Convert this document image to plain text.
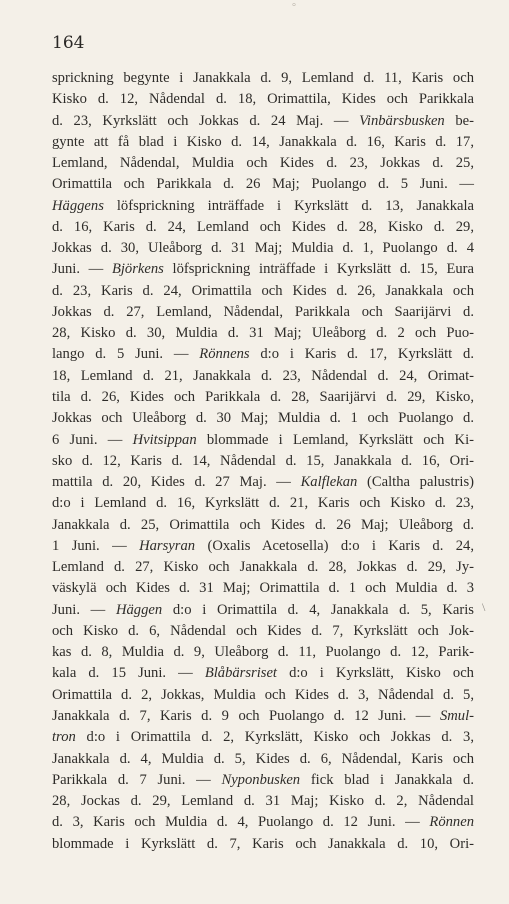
°
164
sprickning begynte i Janakkala d. 9, Lemland d. 11, Karis och
Kisko d. 12, Nådendal d. 18, Orimattila, Kides och Parikkala
d. 23, Kyrkslätt och Jokkas d. 24 Maj. — Vinbärsbusken be-
gynte att få blad i Kisko d. 14, Janakkala d. 16, Karis d. 17,
Lemland, Nådendal, Muldia och Kides d. 23, Jokkas d. 25,
Orimattila och Parikkala d. 26 Maj; Puolango d. 5 Juni. —
Häggens löfsprickning inträffade i Kyrkslätt d. 13, Janakkala
d. 16, Karis d. 24, Lemland och Kides d. 28, Kisko d. 29,
Jokkas d. 30, Uleåborg d. 31 Maj; Muldia d. 1, Puolango d. 4
Juni. — Björkens löfsprickning inträffade i Kyrkslätt d. 15, Eura
d. 23, Karis d. 24, Orimattila och Kides d. 26, Janakkala och
Jokkas d. 27, Lemland, Nådendal, Parikkala och Saarijärvi d.
28, Kisko d. 30, Muldia d. 31 Maj; Uleåborg d. 2 och Puo-
lango d. 5 Juni. — Rönnens d:o i Karis d. 17, Kyrkslätt d.
18, Lemland d. 21, Janakkala d. 23, Nådendal d. 24, Orimat-
tila d. 26, Kides och Parikkala d. 28, Saarijärvi d. 29, Kisko,
Jokkas och Uleåborg d. 30 Maj; Muldia d. 1 och Puolango d.
6 Juni. — Hvitsippan blommade i Lemland, Kyrkslätt och Ki-
sko d. 12, Karis d. 14, Nådendal d. 15, Janakkala d. 16, Ori-
mattila d. 20, Kides d. 27 Maj. — Kalflekan (Caltha palustris)
d:o i Lemland d. 16, Kyrkslätt d. 21, Karis och Kisko d. 23,
Janakkala d. 25, Orimattila och Kides d. 26 Maj; Uleåborg d.
1 Juni. — Harsyran (Oxalis Acetosella) d:o i Karis d. 24,
Lemland d. 27, Kisko och Janakkala d. 28, Jokkas d. 29, Jy-
väskylä och Kides d. 31 Maj; Orimattila d. 1 och Muldia d. 3
Juni. — Häggen d:o i Orimattila d. 4, Janakkala d. 5, Karis
och Kisko d. 6, Nådendal och Kides d. 7, Kyrkslätt och Jok-
kas d. 8, Muldia d. 9, Uleåborg d. 11, Puolango d. 12, Parik-
kala d. 15 Juni. — Blåbärsriset d:o i Kyrkslätt, Kisko och
Orimattila d. 2, Jokkas, Muldia och Kides d. 3, Nådendal d. 5,
Janakkala d. 7, Karis d. 9 och Puolango d. 12 Juni. — Smul-
tron d:o i Orimattila d. 2, Kyrkslätt, Kisko och Jokkas d. 3,
Janakkala d. 4, Muldia d. 5, Kides d. 6, Nådendal, Karis och
Parikkala d. 7 Juni. — Nyponbusken fick blad i Janakkala d.
28, Jockas d. 29, Lemland d. 31 Maj; Kisko d. 2, Nådendal
d. 3, Karis och Muldia d. 4, Puolango d. 12 Juni. — Rönnen
blommade i Kyrkslätt d. 7, Karis och Janakkala d. 10, Ori-
\
